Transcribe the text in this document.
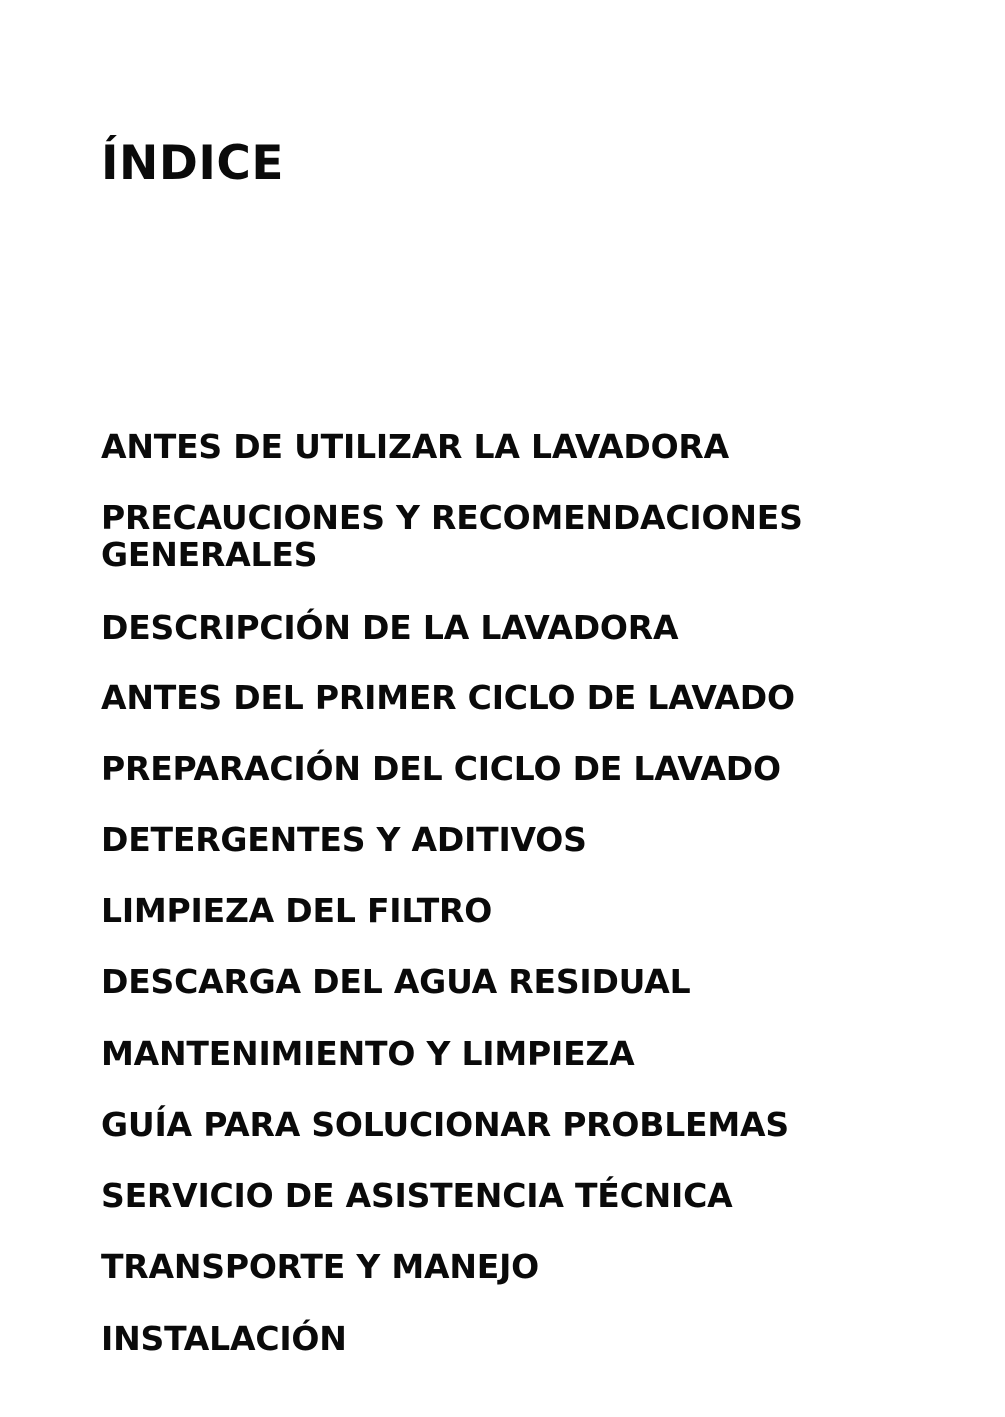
ÍNDICE
ANTES DE UTILIZAR LA LAVADORA
PRECAUCIONES Y RECOMENDACIONES
GENERALES
DESCRIPCIÓN DE LA LAVADORA
ANTES DEL PRIMER CICLO DE LAVADO
PREPARACIÓN DEL CICLO DE LAVADO
DETERGENTES Y ADITIVOS
LIMPIEZA DEL FILTRO
DESCARGA DEL AGUA RESIDUAL
MANTENIMIENTO Y LIMPIEZA
GUÍA PARA SOLUCIONAR PROBLEMAS
SERVICIO DE ASISTENCIA TÉCNICA
TRANSPORTE Y MANEJO
INSTALACIÓN
